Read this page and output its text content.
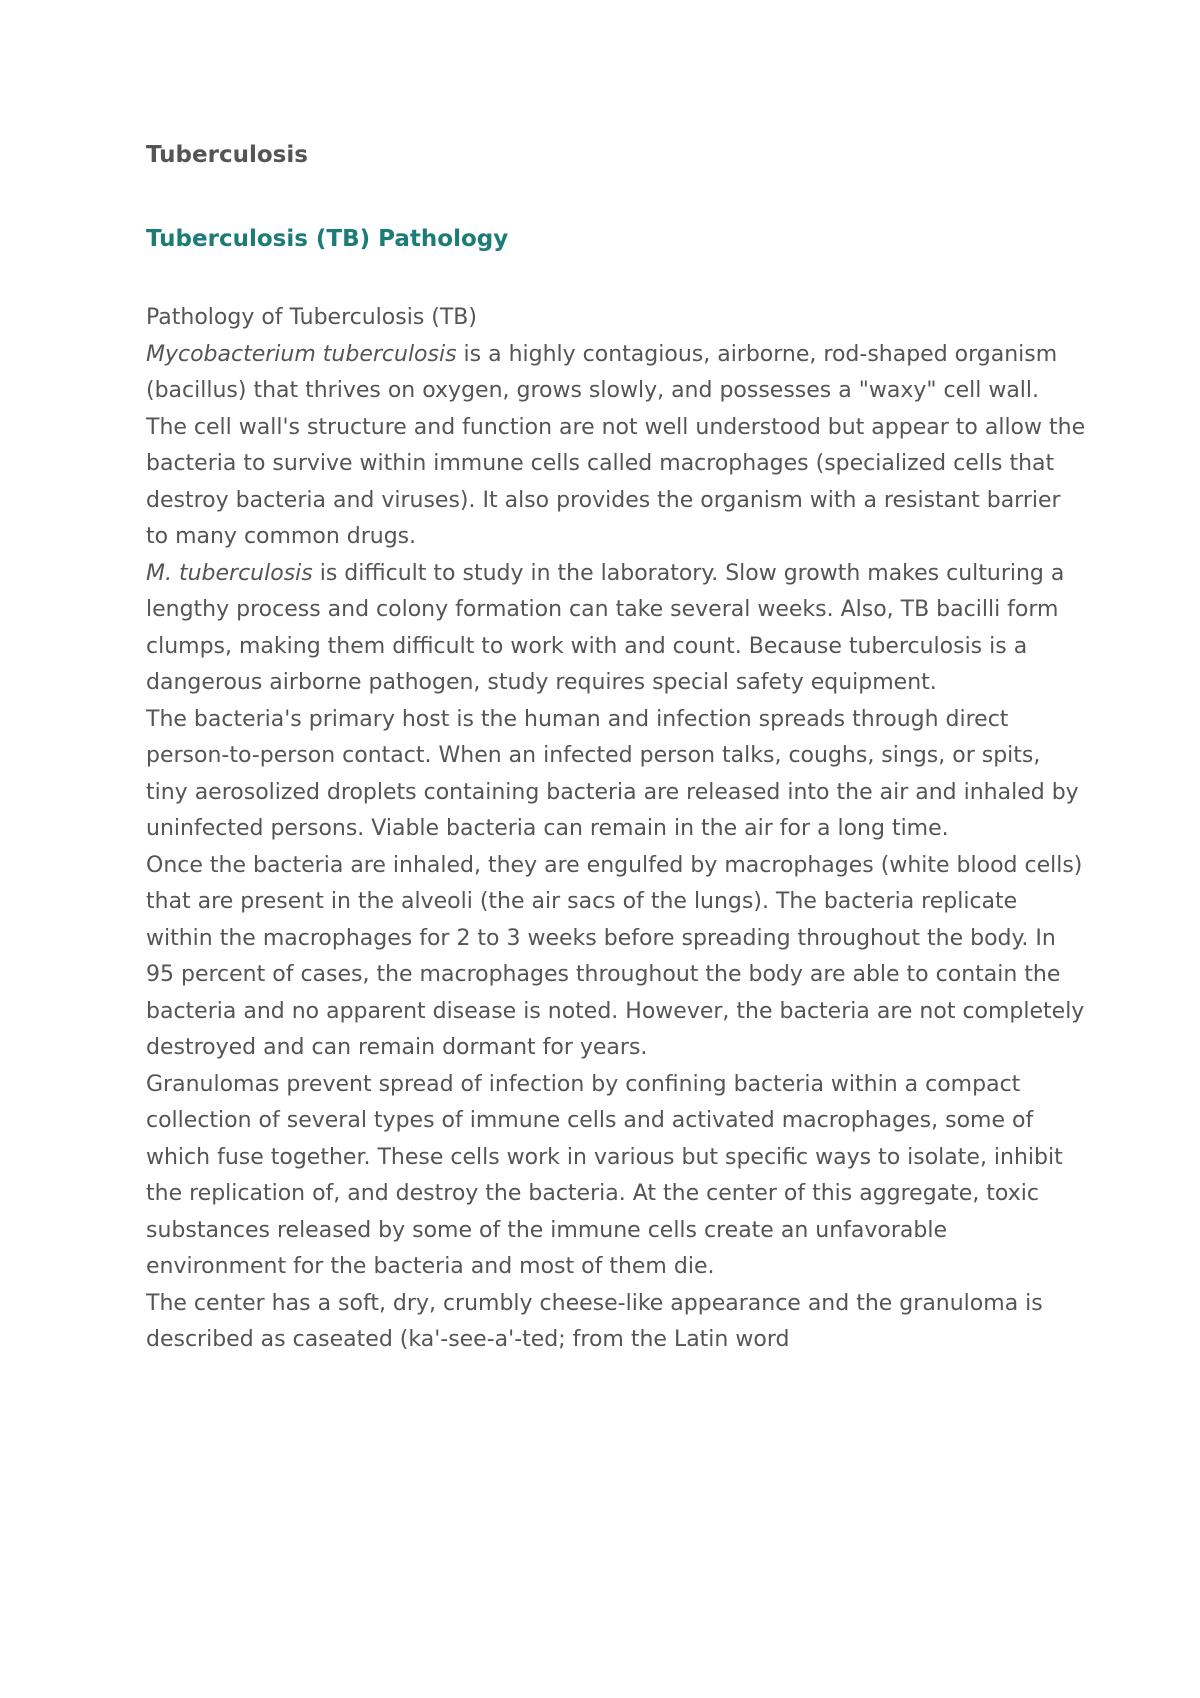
Tuberculosis
Tuberculosis (TB) Pathology

Pathology of Tuberculosis (TB)

Mycobacterium tuberculosis is a highly contagious, airborne, rod-shaped organism (bacillus) that thrives on oxygen, grows slowly, and possesses a "waxy" cell wall. The cell wall's structure and function are not well understood but appear to allow the bacteria to survive within immune cells called macrophages (specialized cells that destroy bacteria and viruses). It also provides the organism with a resistant barrier to many common drugs.

M. tuberculosis is difficult to study in the laboratory. Slow growth makes culturing a lengthy process and colony formation can take several weeks. Also, TB bacilli form clumps, making them difficult to work with and count. Because tuberculosis is a dangerous airborne pathogen, study requires special safety equipment.

The bacteria's primary host is the human and infection spreads through direct person-to-person contact. When an infected person talks, coughs, sings, or spits, tiny aerosolized droplets containing bacteria are released into the air and inhaled by uninfected persons. Viable bacteria can remain in the air for a long time.

Once the bacteria are inhaled, they are engulfed by macrophages (white blood cells) that are present in the alveoli (the air sacs of the lungs). The bacteria replicate within the macrophages for 2 to 3 weeks before spreading throughout the body. In 95 percent of cases, the macrophages throughout the body are able to contain the bacteria and no apparent disease is noted. However, the bacteria are not completely destroyed and can remain dormant for years.

Granulomas prevent spread of infection by confining bacteria within a compact collection of several types of immune cells and activated macrophages, some of which fuse together. These cells work in various but specific ways to isolate, inhibit the replication of, and destroy the bacteria. At the center of this aggregate, toxic substances released by some of the immune cells create an unfavorable environment for the bacteria and most of them die.

The center has a soft, dry, crumbly cheese-like appearance and the granuloma is described as caseated (ka'-see-a'-ted; from the Latin word
